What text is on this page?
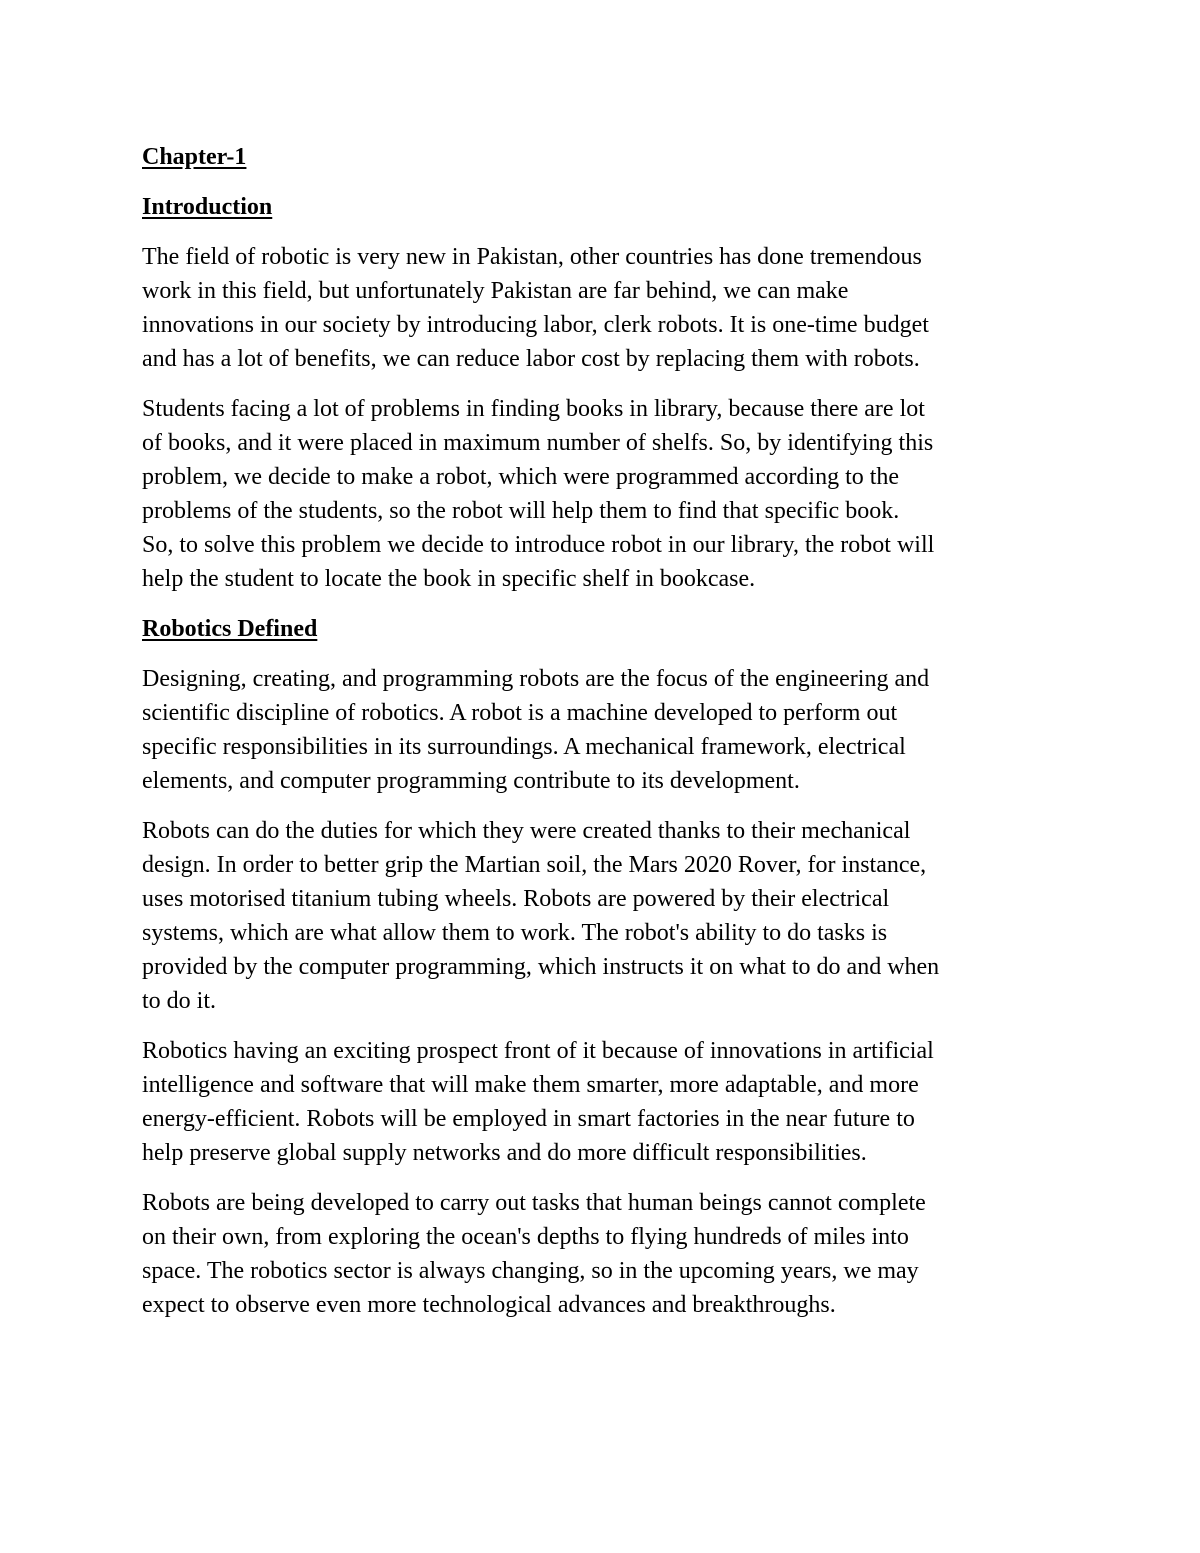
Chapter-1
Introduction
The field of robotic is very new in Pakistan, other countries has done tremendous
work in this field, but unfortunately Pakistan are far behind, we can make
innovations in our society by introducing labor, clerk robots. It is one-time budget
and has a lot of benefits, we can reduce labor cost by replacing them with robots.
Students facing a lot of problems in finding books in library, because there are lot
of books, and it were placed in maximum number of shelfs. So, by identifying this
problem, we decide to make a robot, which were programmed according to the
problems of the students, so the robot will help them to find that specific book.
So, to solve this problem we decide to introduce robot in our library, the robot will
help the student to locate the book in specific shelf in bookcase.
Robotics Defined
Designing, creating, and programming robots are the focus of the engineering and
scientific discipline of robotics. A robot is a machine developed to perform out
specific responsibilities in its surroundings. A mechanical framework, electrical
elements, and computer programming contribute to its development.
Robots can do the duties for which they were created thanks to their mechanical
design. In order to better grip the Martian soil, the Mars 2020 Rover, for instance,
uses motorised titanium tubing wheels. Robots are powered by their electrical
systems, which are what allow them to work. The robot's ability to do tasks is
provided by the computer programming, which instructs it on what to do and when
to do it.
Robotics having an exciting prospect front of it because of innovations in artificial
intelligence and software that will make them smarter, more adaptable, and more
energy-efficient. Robots will be employed in smart factories in the near future to
help preserve global supply networks and do more difficult responsibilities.
Robots are being developed to carry out tasks that human beings cannot complete
on their own, from exploring the ocean's depths to flying hundreds of miles into
space. The robotics sector is always changing, so in the upcoming years, we may
expect to observe even more technological advances and breakthroughs.
